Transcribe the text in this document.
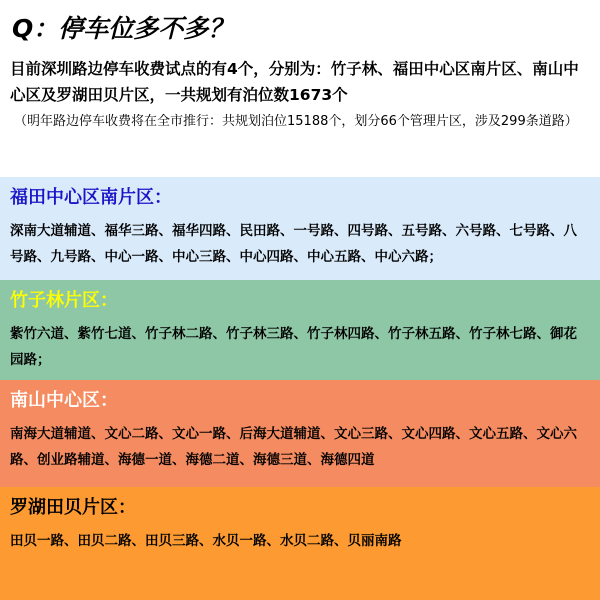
Q：停车位多不多？
目前深圳路边停车收费试点的有4个，分别为：竹子林、福田中心区南片区、南山中心区及罗湖田贝片区，一共规划有泊位数1673个
（明年路边停车收费将在全市推行：共规划泊位15188个，划分66个管理片区，涉及299条道路）
福田中心区南片区：
深南大道辅道、福华三路、福华四路、民田路、一号路、四号路、五号路、六号路、七号路、八号路、九号路、中心一路、中心三路、中心四路、中心五路、中心六路；
竹子林片区：
紫竹六道、紫竹七道、竹子林二路、竹子林三路、竹子林四路、竹子林五路、竹子林七路、御花园路；
南山中心区：
南海大道辅道、文心二路、文心一路、后海大道辅道、文心三路、文心四路、文心五路、文心六路、创业路辅道、海德一道、海德二道、海德三道、海德四道
罗湖田贝片区：
田贝一路、田贝二路、田贝三路、水贝一路、水贝二路、贝丽南路
